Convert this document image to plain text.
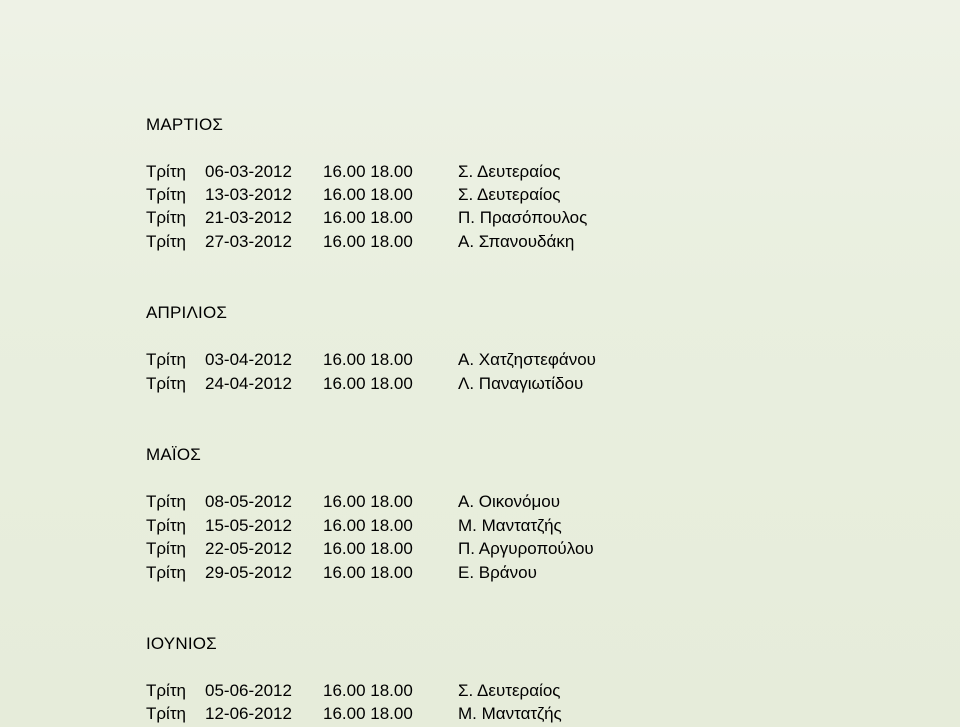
ΜΑΡΤΙΟΣ
Τρίτη 06-03-2012 16.00 18.00	Σ. Δευτεραίος
Τρίτη 13-03-2012 16.00 18.00	Σ. Δευτεραίος
Τρίτη 21-03-2012 16.00 18.00	Π. Πρασόπουλος
Τρίτη 27-03-2012 16.00 18.00	Α. Σπανουδάκη
ΑΠΡΙΛΙΟΣ
Τρίτη 03-04-2012 16.00 18.00	Α. Χατζηστεφάνου
Τρίτη 24-04-2012 16.00 18.00	Λ. Παναγιωτίδου
ΜΑΪΟΣ
Τρίτη 08-05-2012 16.00 18.00	Α. Οικονόμου
Τρίτη 15-05-2012 16.00 18.00	Μ. Μαντατζής
Τρίτη 22-05-2012 16.00 18.00	Π. Αργυροπούλου
Τρίτη 29-05-2012 16.00 18.00	Ε. Βράνου
ΙΟΥΝΙΟΣ
Τρίτη 05-06-2012 16.00 18.00	Σ. Δευτεραίος
Τρίτη 12-06-2012 16.00 18.00	Μ. Μαντατζής
